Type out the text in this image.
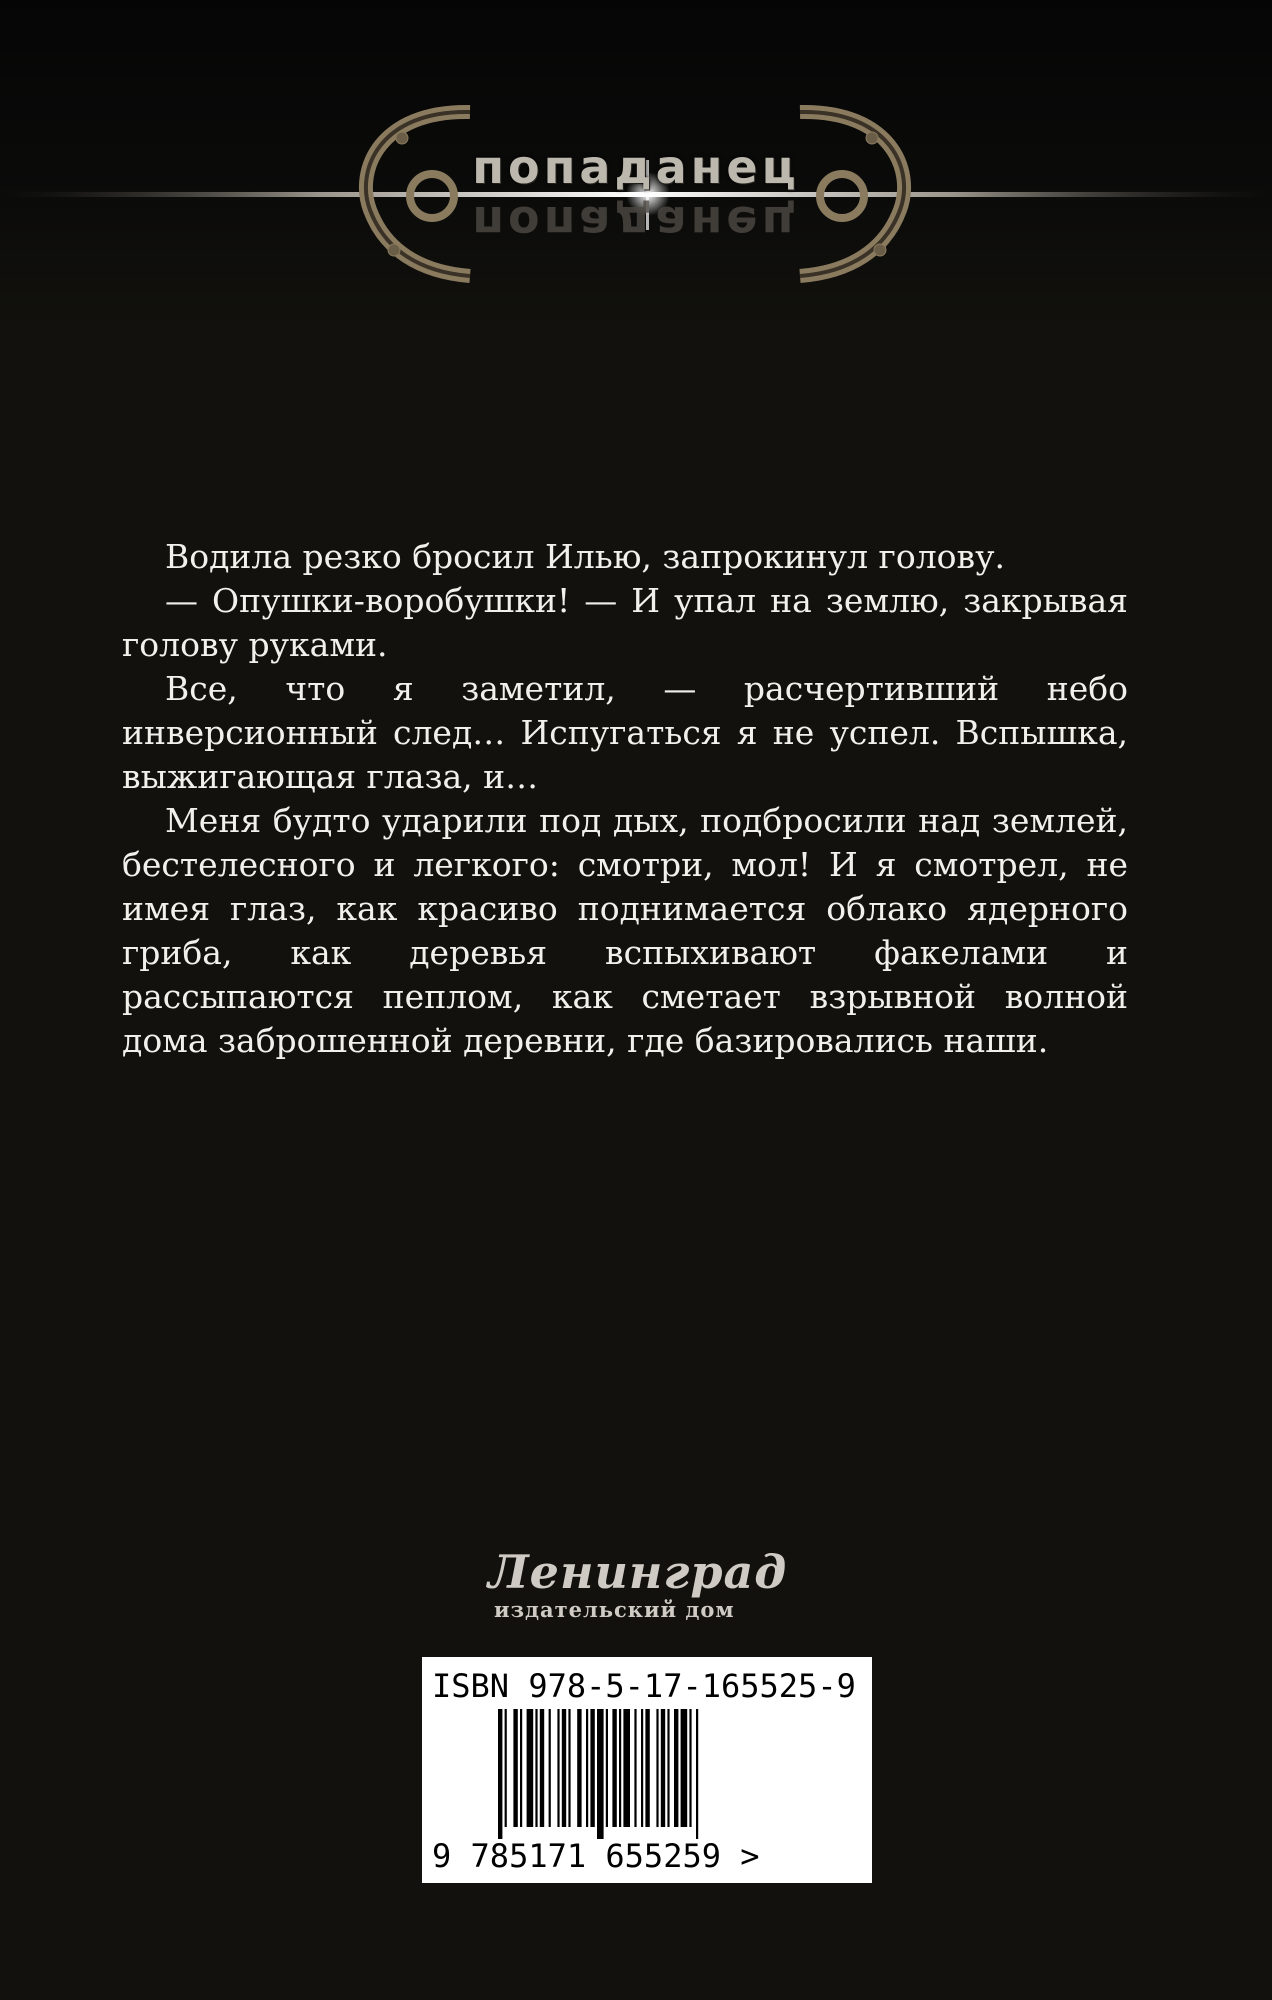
попаданец
попаданец

Водила резко бросил Илью, запрокинул голову.

— Опушки-воробушки! — И упал на землю, закрывая голову руками.

Все, что я заметил, — расчертивший небо инверсионный след… Испугаться я не успел. Вспышка, выжигающая глаза, и…

Меня будто ударили под дых, подбросили над землей, бестелесного и легкого: смотри, мол! И я смотрел, не имея глаз, как красиво поднимается облако ядерного гриба, как деревья вспыхивают факелами и рассыпаются пеплом, как сметает взрывной волной дома заброшенной деревни, где базировались наши.

Ленинград
издательский дом
ISBN 978-5-17-165525-9
9 785171 655259 >
